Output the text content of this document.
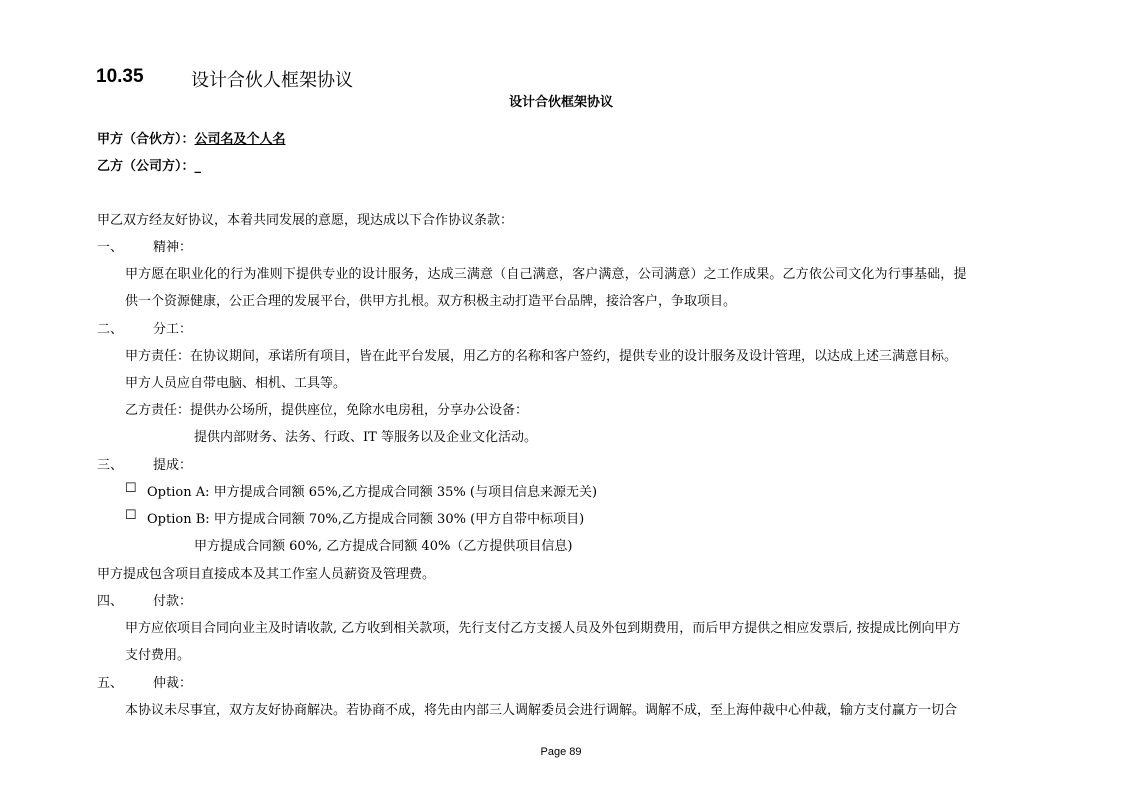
10.35	设计合伙人框架协议
设计合伙框架协议
甲方（合伙方）：公司名及个人名
乙方（公司方）：_
甲乙双方经友好协议，本着共同发展的意愿，现达成以下合作协议条款：
一、 精神：
甲方愿在职业化的行为准则下提供专业的设计服务，达成三满意（自己满意，客户满意，公司满意）之工作成果。乙方依公司文化为行事基础，提
供一个资源健康，公正合理的发展平台，供甲方扎根。双方积极主动打造平台品牌，接洽客户，争取项目。
二、 分工：
甲方责任：在协议期间，承诺所有项目，皆在此平台发展，用乙方的名称和客户签约，提供专业的设计服务及设计管理，以达成上述三满意目标。
甲方人员应自带电脑、相机、工具等。
乙方责任：提供办公场所，提供座位，免除水电房租，分享办公设备：
提供内部财务、法务、行政、IT 等服务以及企业文化活动。
三、 提成：
☐ Option A: 甲方提成合同额 65%,乙方提成合同额 35% (与项目信息来源无关)
☐ Option B: 甲方提成合同额 70%,乙方提成合同额 30% (甲方自带中标项目)
甲方提成合同额 60%, 乙方提成合同额 40%（乙方提供项目信息)
甲方提成包含项目直接成本及其工作室人员薪资及管理费。
四、 付款：
甲方应依项目合同向业主及时请收款, 乙方收到相关款项，先行支付乙方支援人员及外包到期费用，而后甲方提供之相应发票后, 按提成比例向甲方
支付费用。
五、 仲裁：
本协议未尽事宜，双方友好协商解决。若协商不成，将先由内部三人调解委员会进行调解。调解不成，至上海仲裁中心仲裁，输方支付赢方一切合
Page 89
